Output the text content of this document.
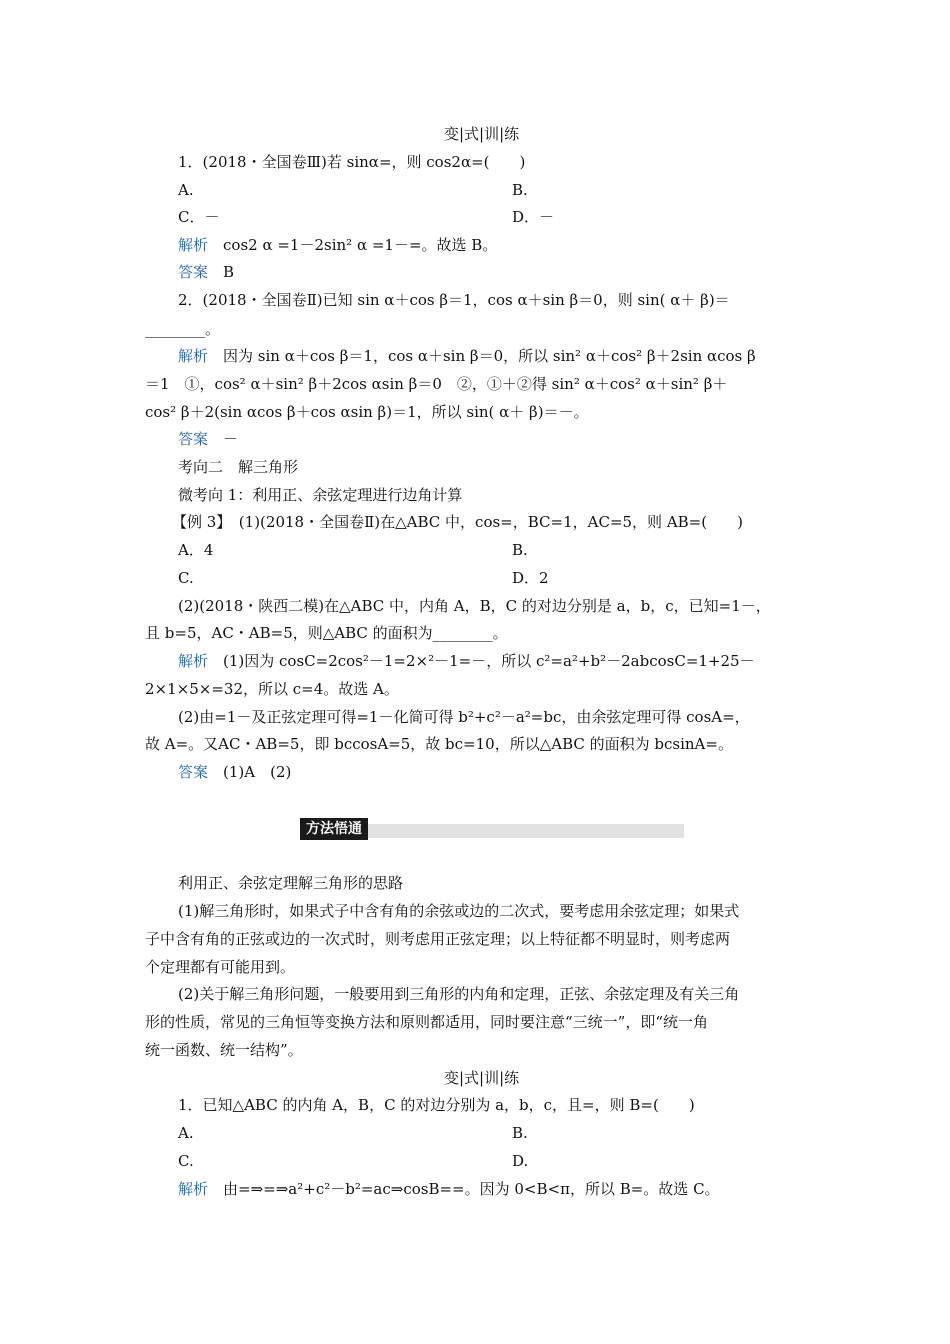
变|式|训|练
1．(2018・全国卷Ⅲ)若 sinα=，则 cos2α=(　　)
A.	B.
C．－	D．－
解析　cos2 α =1－2sin² α =1－=。故选 B。
答案　B
2．(2018・全国卷Ⅱ)已知 sin α＋cos β＝1，cos α＋sin β＝0，则 sin( α＋ β)＝
________。
解析　因为 sin α＋cos β＝1，cos α＋sin β＝0，所以 sin² α＋cos² β＋2sin αcos β
＝1　①，cos² α＋sin² β＋2cos αsin β＝0　②，①＋②得 sin² α＋cos² α＋sin² β＋
cos² β＋2(sin αcos β＋cos αsin β)＝1，所以 sin( α＋ β)＝－。
答案　－
考向二　解三角形
微考向 1：利用正、余弦定理进行边角计算
【例 3】　(1)(2018・全国卷Ⅱ)在△ABC 中，cos=，BC=1，AC=5，则 AB=(　　)
A．4	B.
C.	D．2
(2)(2018・陕西二模)在△ABC 中，内角 A，B，C 的对边分别是 a，b，c，已知=1－，
且 b=5，AC・AB=5，则△ABC 的面积为________。
解析　(1)因为 cosC=2cos²－1=2×²－1=－，所以 c²=a²+b²－2abcosC=1+25－
2×1×5×=32，所以 c=4。故选 A。
(2)由=1－及正弦定理可得=1－化简可得 b²+c²－a²=bc，由余弦定理可得 cosA=，
故 A=。又AC・AB=5，即 bccosA=5，故 bc=10，所以△ABC 的面积为 bcsinA=。
答案　(1)A　(2)
利用正、余弦定理解三角形的思路
(1)解三角形时，如果式子中含有角的余弦或边的二次式，要考虑用余弦定理；如果式
子中含有角的正弦或边的一次式时，则考虑用正弦定理；以上特征都不明显时，则考虑两
个定理都有可能用到。
(2)关于解三角形问题，一般要用到三角形的内角和定理，正弦、余弦定理及有关三角
形的性质，常见的三角恒等变换方法和原则都适用，同时要注意“三统一”，即“统一角
统一函数、统一结构”。
变|式|训|练
1．已知△ABC 的内角 A，B，C 的对边分别为 a，b，c，且=，则 B=(　　)
A.	B.
C.	D.
解析　由=⇒=⇒a²+c²－b²=ac⇒cosB==。因为 0<B<π，所以 B=。故选 C。
方法悟通
